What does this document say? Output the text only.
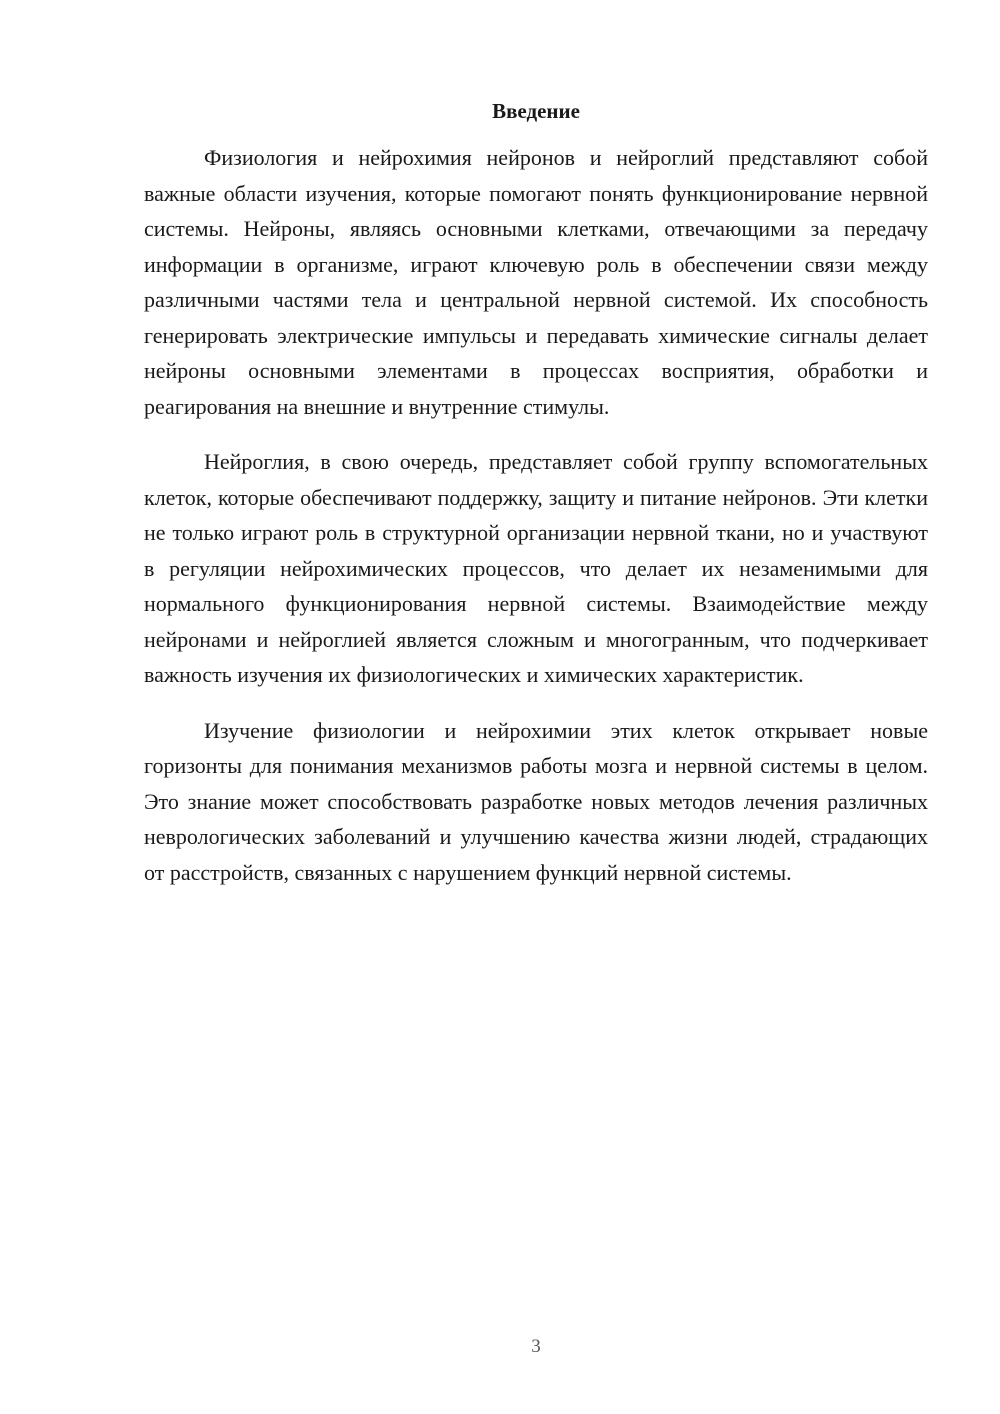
Введение

Физиология и нейрохимия нейронов и нейроглий представляют собой важные области изучения, которые помогают понять функционирование нервной системы. Нейроны, являясь основными клетками, отвечающими за передачу информации в организме, играют ключевую роль в обеспечении связи между различными частями тела и центральной нервной системой. Их способность генерировать электрические импульсы и передавать химические сигналы делает нейроны основными элементами в процессах восприятия, обработки и реагирования на внешние и внутренние стимулы.

Нейроглия, в свою очередь, представляет собой группу вспомогательных клеток, которые обеспечивают поддержку, защиту и питание нейронов. Эти клетки не только играют роль в структурной организации нервной ткани, но и участвуют в регуляции нейрохимических процессов, что делает их незаменимыми для нормального функционирования нервной системы. Взаимодействие между нейронами и нейроглией является сложным и многогранным, что подчеркивает важность изучения их физиологических и химических характеристик.

Изучение физиологии и нейрохимии этих клеток открывает новые горизонты для понимания механизмов работы мозга и нервной системы в целом. Это знание может способствовать разработке новых методов лечения различных неврологических заболеваний и улучшению качества жизни людей, страдающих от расстройств, связанных с нарушением функций нервной системы.

3
